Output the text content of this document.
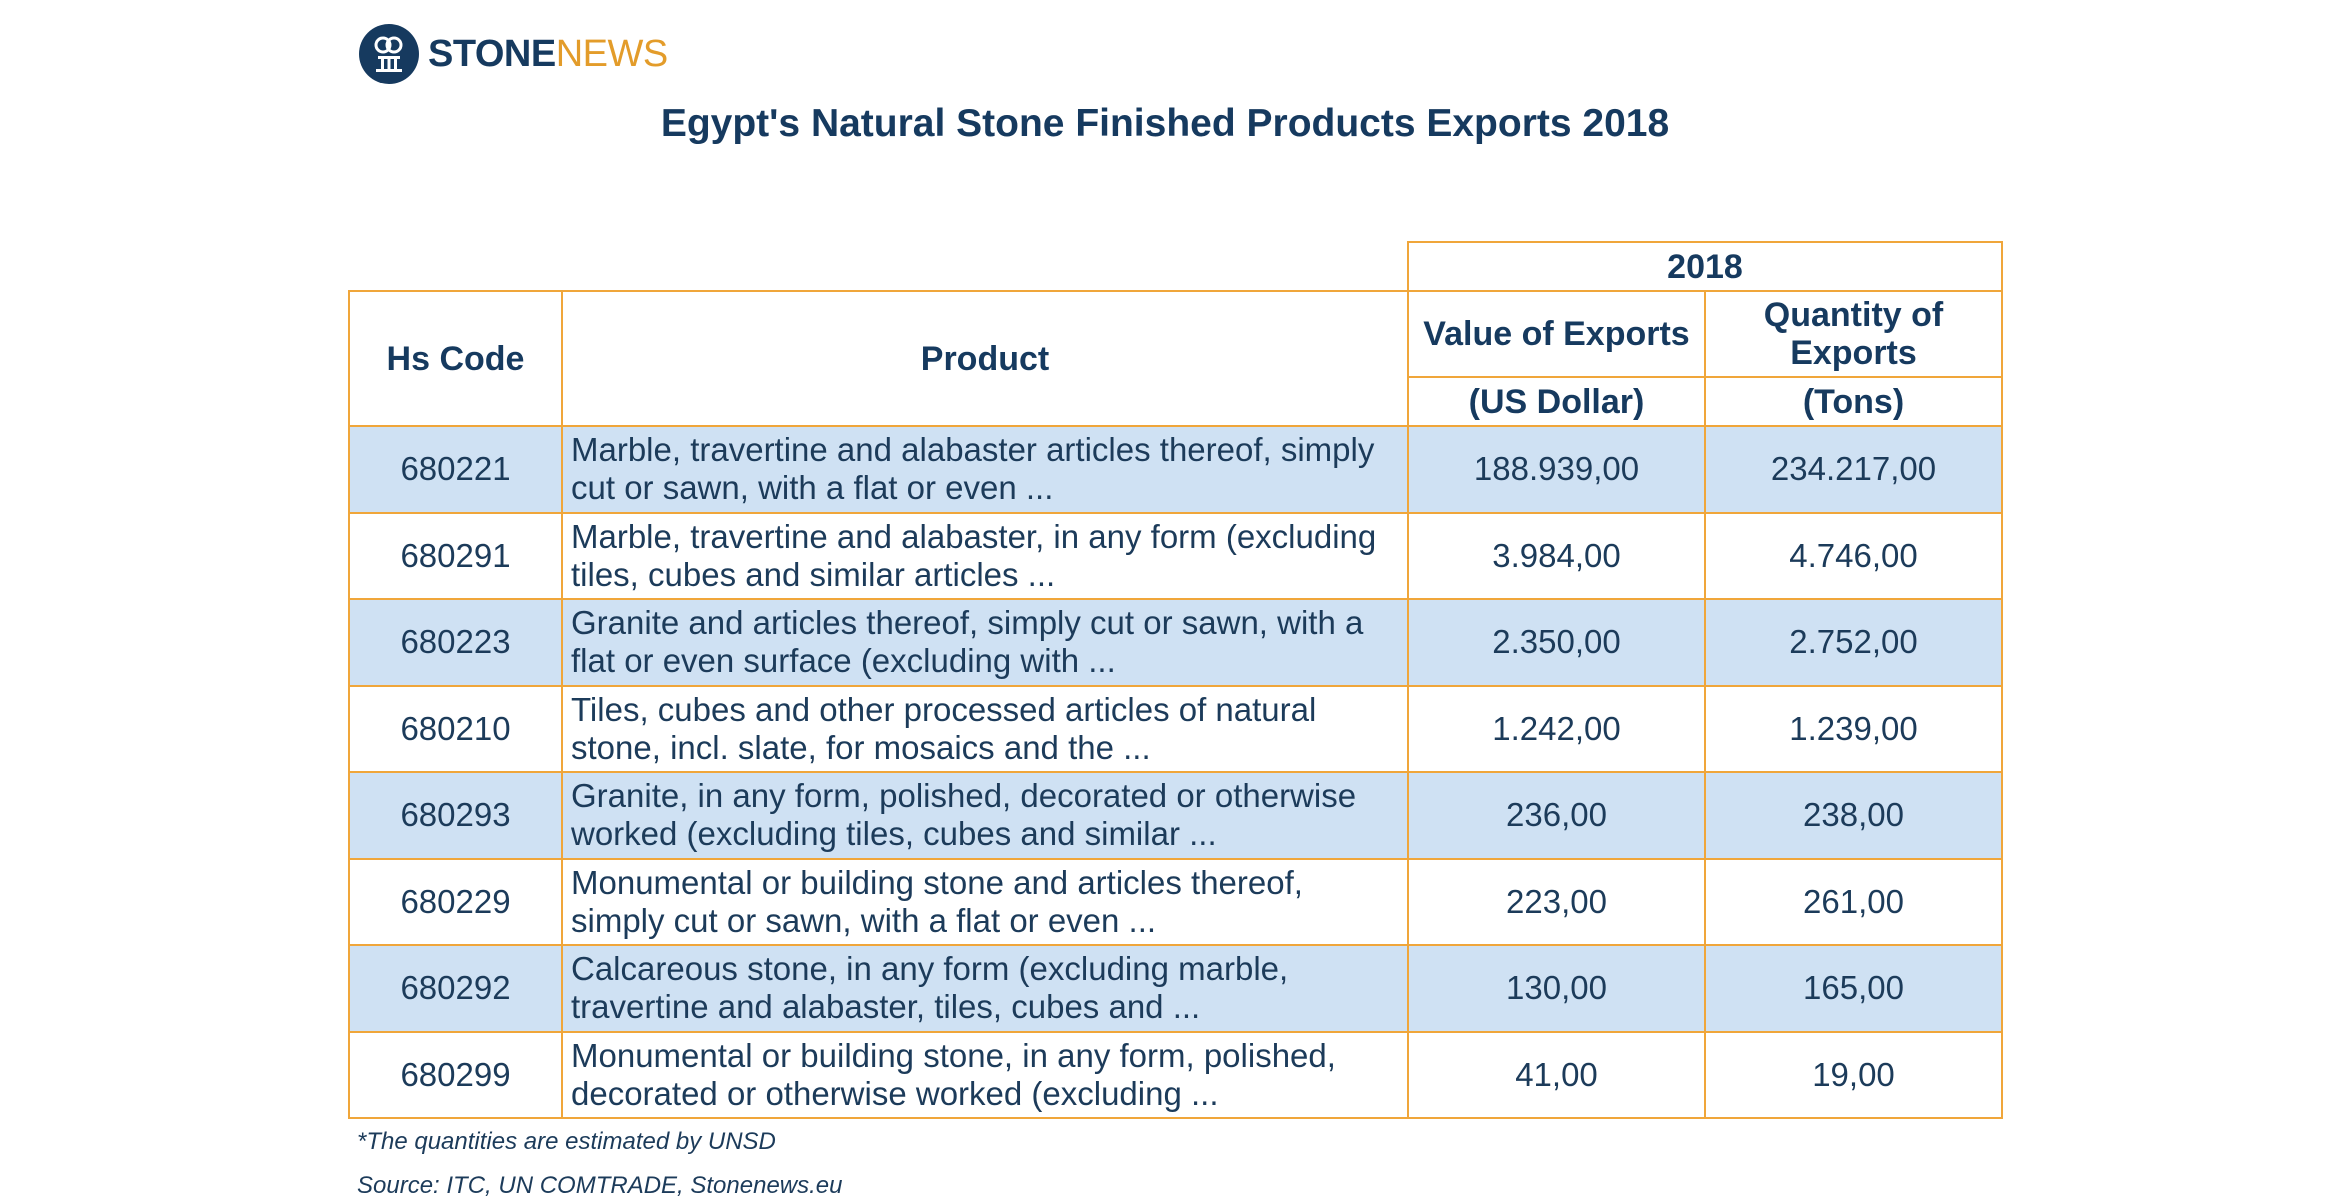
STONE NEWS
Egypt's Natural Stone Finished Products Exports 2018
		2018	
Hs Code	Product	Value of Exports	Quantity of Exports
		(US Dollar)	(Tons)
680221	Marble, travertine and alabaster articles thereof, simply cut or sawn, with a flat or even ...	188.939,00	234.217,00
680291	Marble, travertine and alabaster, in any form (excluding tiles, cubes and similar articles ...	3.984,00	4.746,00
680223	Granite and articles thereof, simply cut or sawn, with a flat or even surface (excluding with ...	2.350,00	2.752,00
680210	Tiles, cubes and other processed articles of natural stone, incl. slate, for mosaics and the ...	1.242,00	1.239,00
680293	Granite, in any form, polished, decorated or otherwise worked (excluding tiles, cubes and similar ...	236,00	238,00
680229	Monumental or building stone and articles thereof, simply cut or sawn, with a flat or even ...	223,00	261,00
680292	Calcareous stone, in any form (excluding marble, travertine and alabaster, tiles, cubes and ...	130,00	165,00
680299	Monumental or building stone, in any form, polished, decorated or otherwise worked (excluding ...	41,00	19,00
*The quantities are estimated by UNSD
Source: ITC, UN COMTRADE, Stonenews.eu
